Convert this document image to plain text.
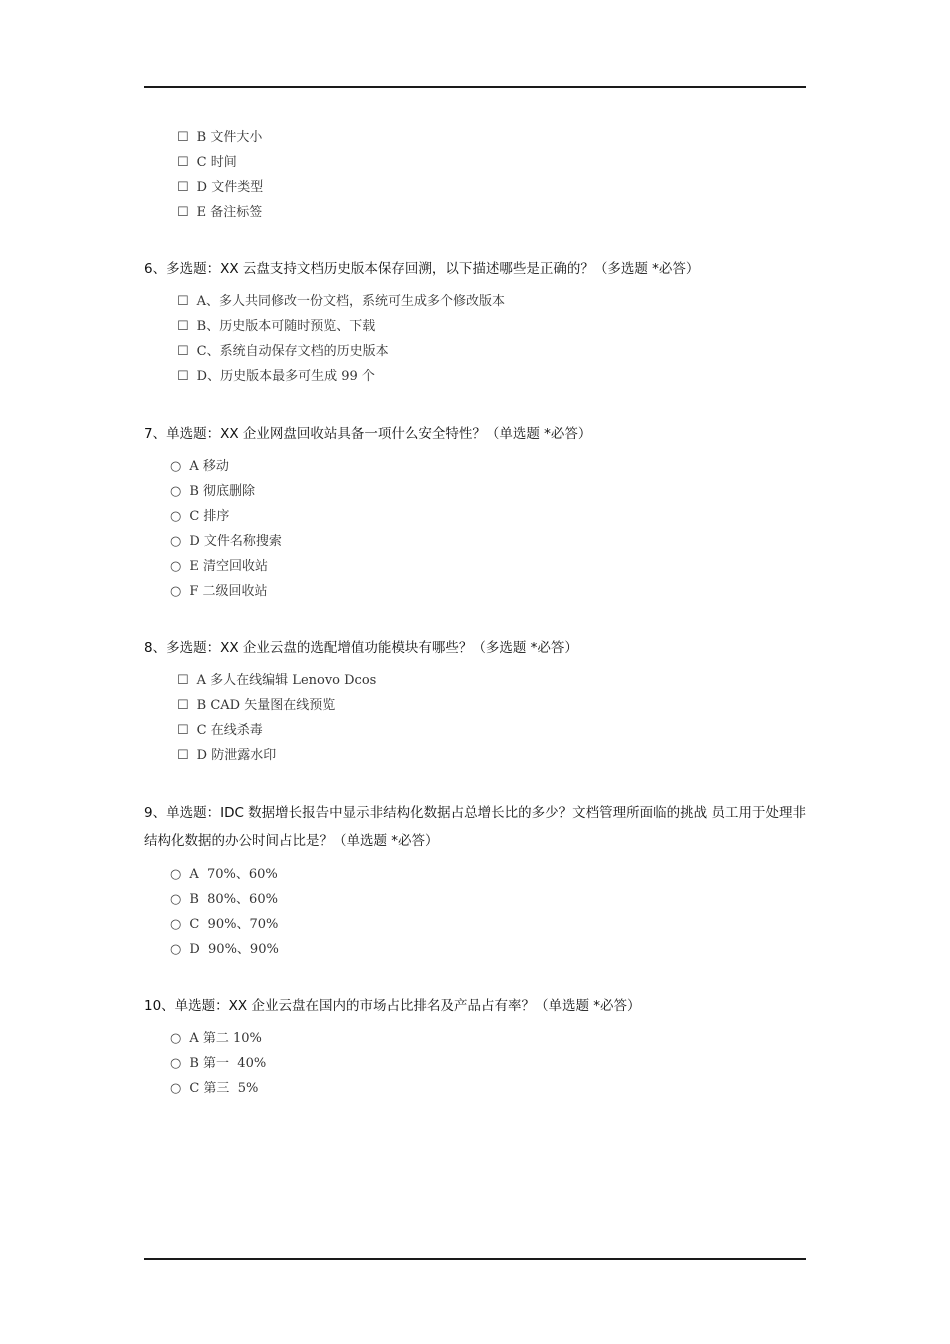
☐ B 文件大小
☐ C 时间
☐ D 文件类型
☐ E 备注标签
6、多选题：XX 云盘支持文档历史版本保存回溯，以下描述哪些是正确的？（多选题 *必答）
☐ A、多人共同修改一份文档，系统可生成多个修改版本
☐ B、历史版本可随时预览、下载
☐ C、系统自动保存文档的历史版本
☐ D、历史版本最多可生成 99 个
7、单选题：XX 企业网盘回收站具备一项什么安全特性？（单选题 *必答）
○ A 移动
○ B 彻底删除
○ C 排序
○ D 文件名称搜索
○ E 清空回收站
○ F 二级回收站
8、多选题：XX 企业云盘的选配增值功能模块有哪些？（多选题 *必答）
☐ A 多人在线编辑 Lenovo Dcos
☐ B CAD 矢量图在线预览
☐ C 在线杀毒
☐ D 防泄露水印
9、单选题：IDC 数据增长报告中显示非结构化数据占总增长比的多少？文档管理所面临的挑战 员工用于处理非结构化数据的办公时间占比是？（单选题 *必答）
○ A  70%、60%
○ B  80%、60%
○ C  90%、70%
○ D  90%、90%
10、单选题：XX 企业云盘在国内的市场占比排名及产品占有率？（单选题 *必答）
○ A 第二 10%
○ B 第一  40%
○ C 第三  5%
